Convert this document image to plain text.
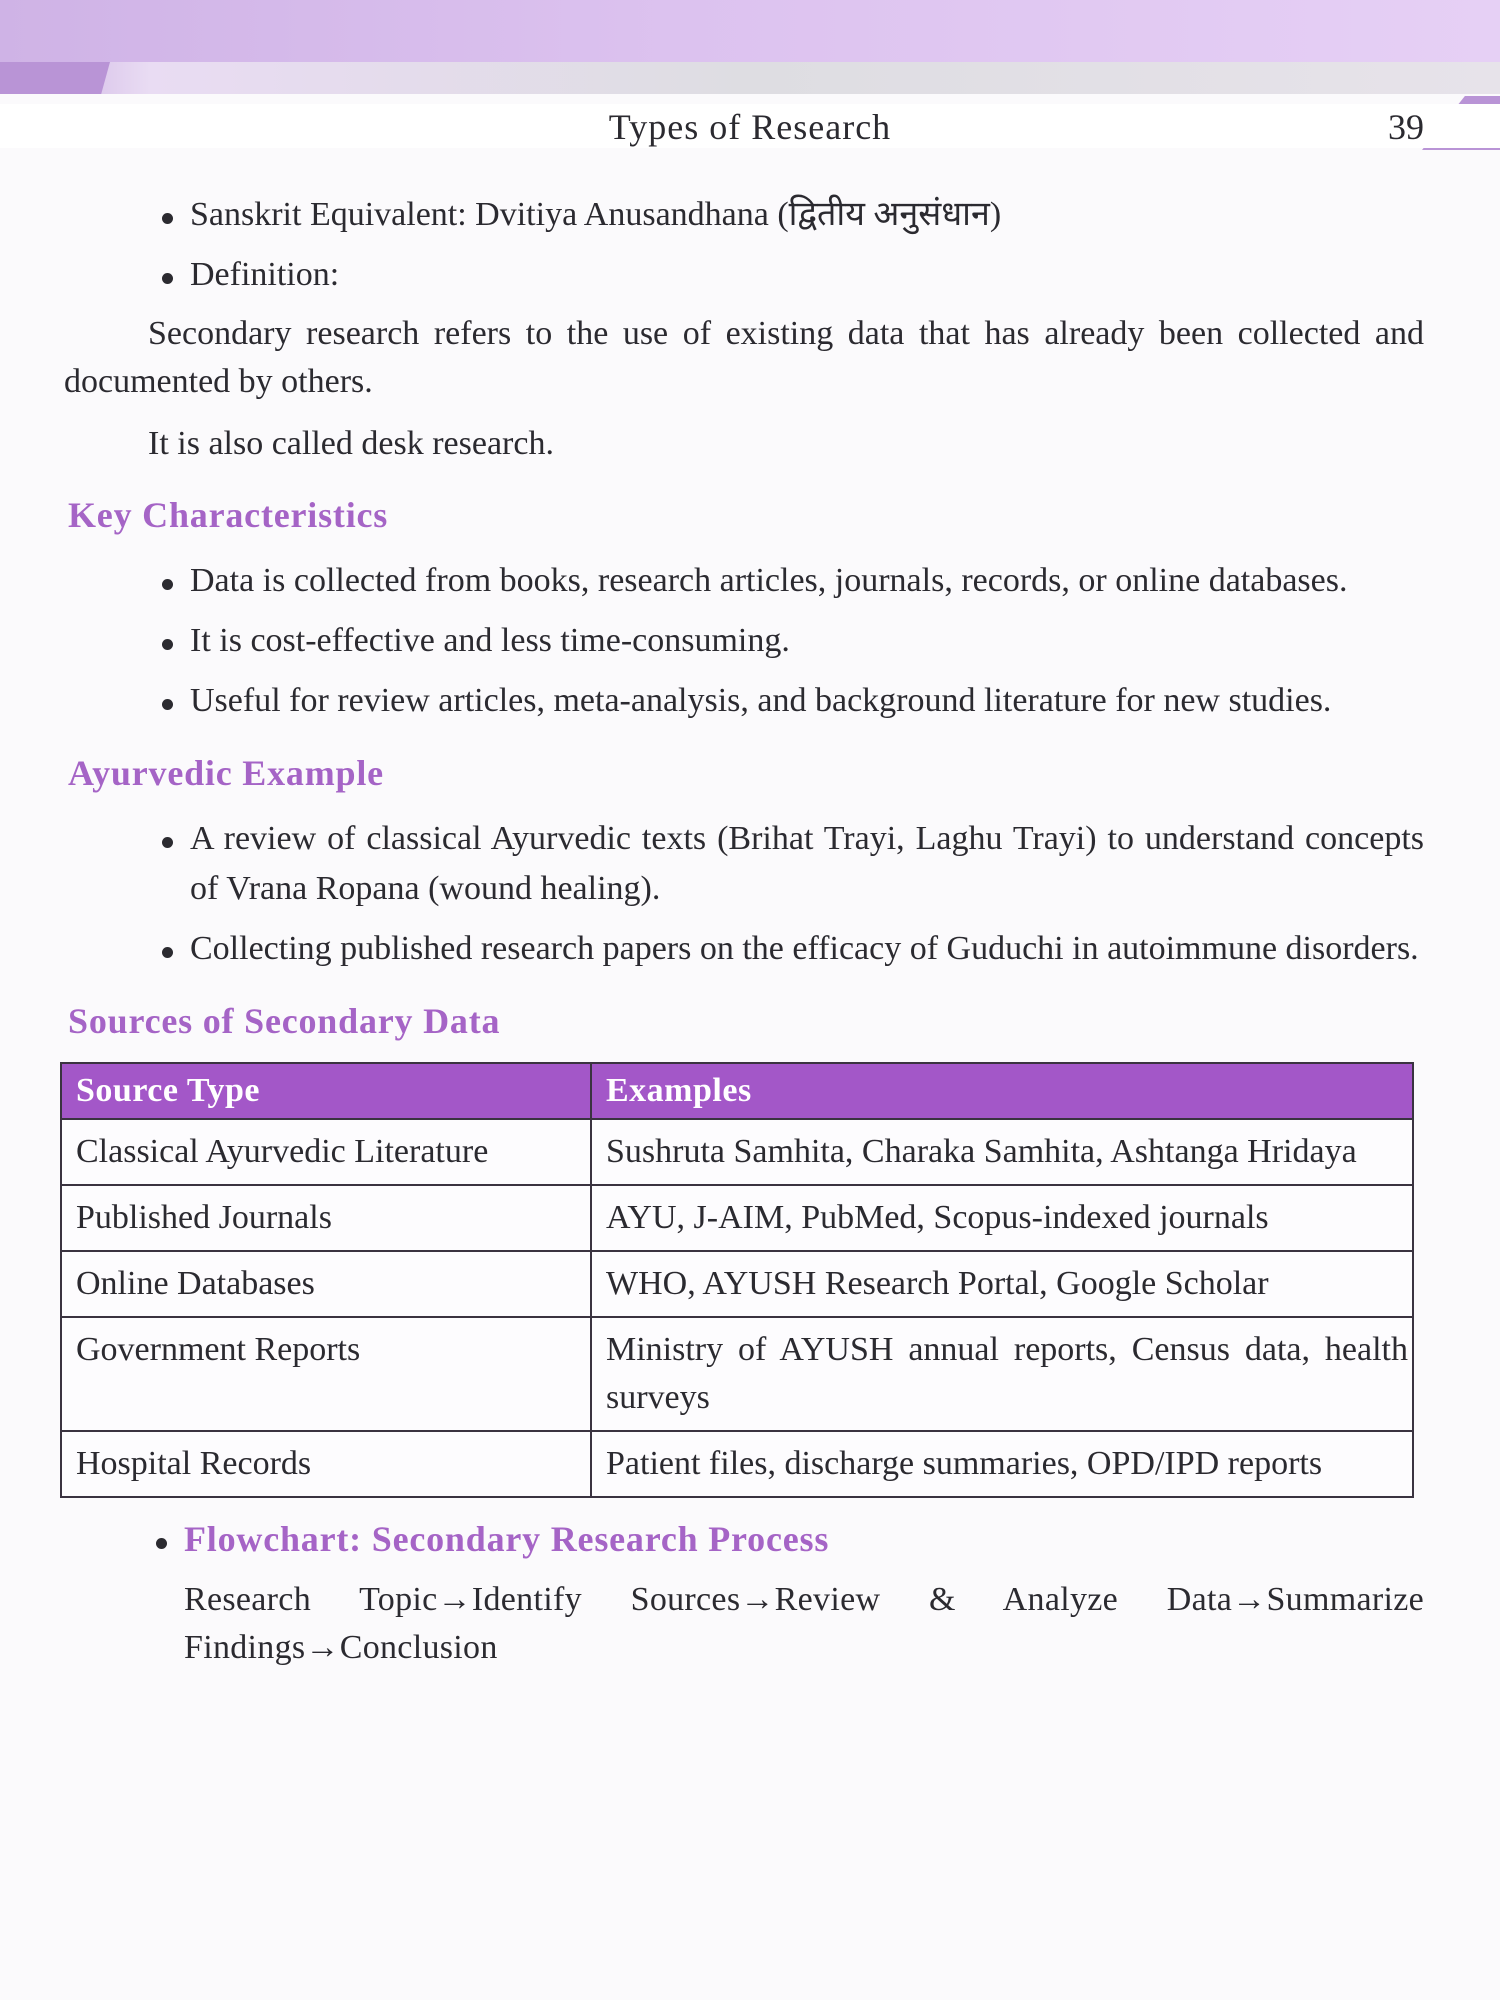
Types of Research	39
Sanskrit Equivalent: Dvitiya Anusandhana (द्वितीय अनुसंधान)
Definition:

Secondary research refers to the use of existing data that has already been collected and documented by others.

It is also called desk research.

Key Characteristics
Data is collected from books, research articles, journals, records, or online databases.
It is cost-effective and less time-consuming.
Useful for review articles, meta-analysis, and background literature for new studies.
Ayurvedic Example
A review of classical Ayurvedic texts (Brihat Trayi, Laghu Trayi) to understand concepts of Vrana Ropana (wound healing).
Collecting published research papers on the efficacy of Guduchi in autoimmune disorders.
Sources of Secondary Data
Source Type	Examples
Classical Ayurvedic Literature	Sushruta Samhita, Charaka Samhita, Ashtanga Hridaya
Published Journals	AYU, J-AIM, PubMed, Scopus-indexed journals
Online Databases	WHO, AYUSH Research Portal, Google Scholar
Government Reports	Ministry of AYUSH annual reports, Census data, health surveys
Hospital Records	Patient files, discharge summaries, OPD/IPD reports
Flowchart: Secondary Research Process
Research Topic→Identify Sources→Review & Analyze Data→Summarize Findings→Conclusion
